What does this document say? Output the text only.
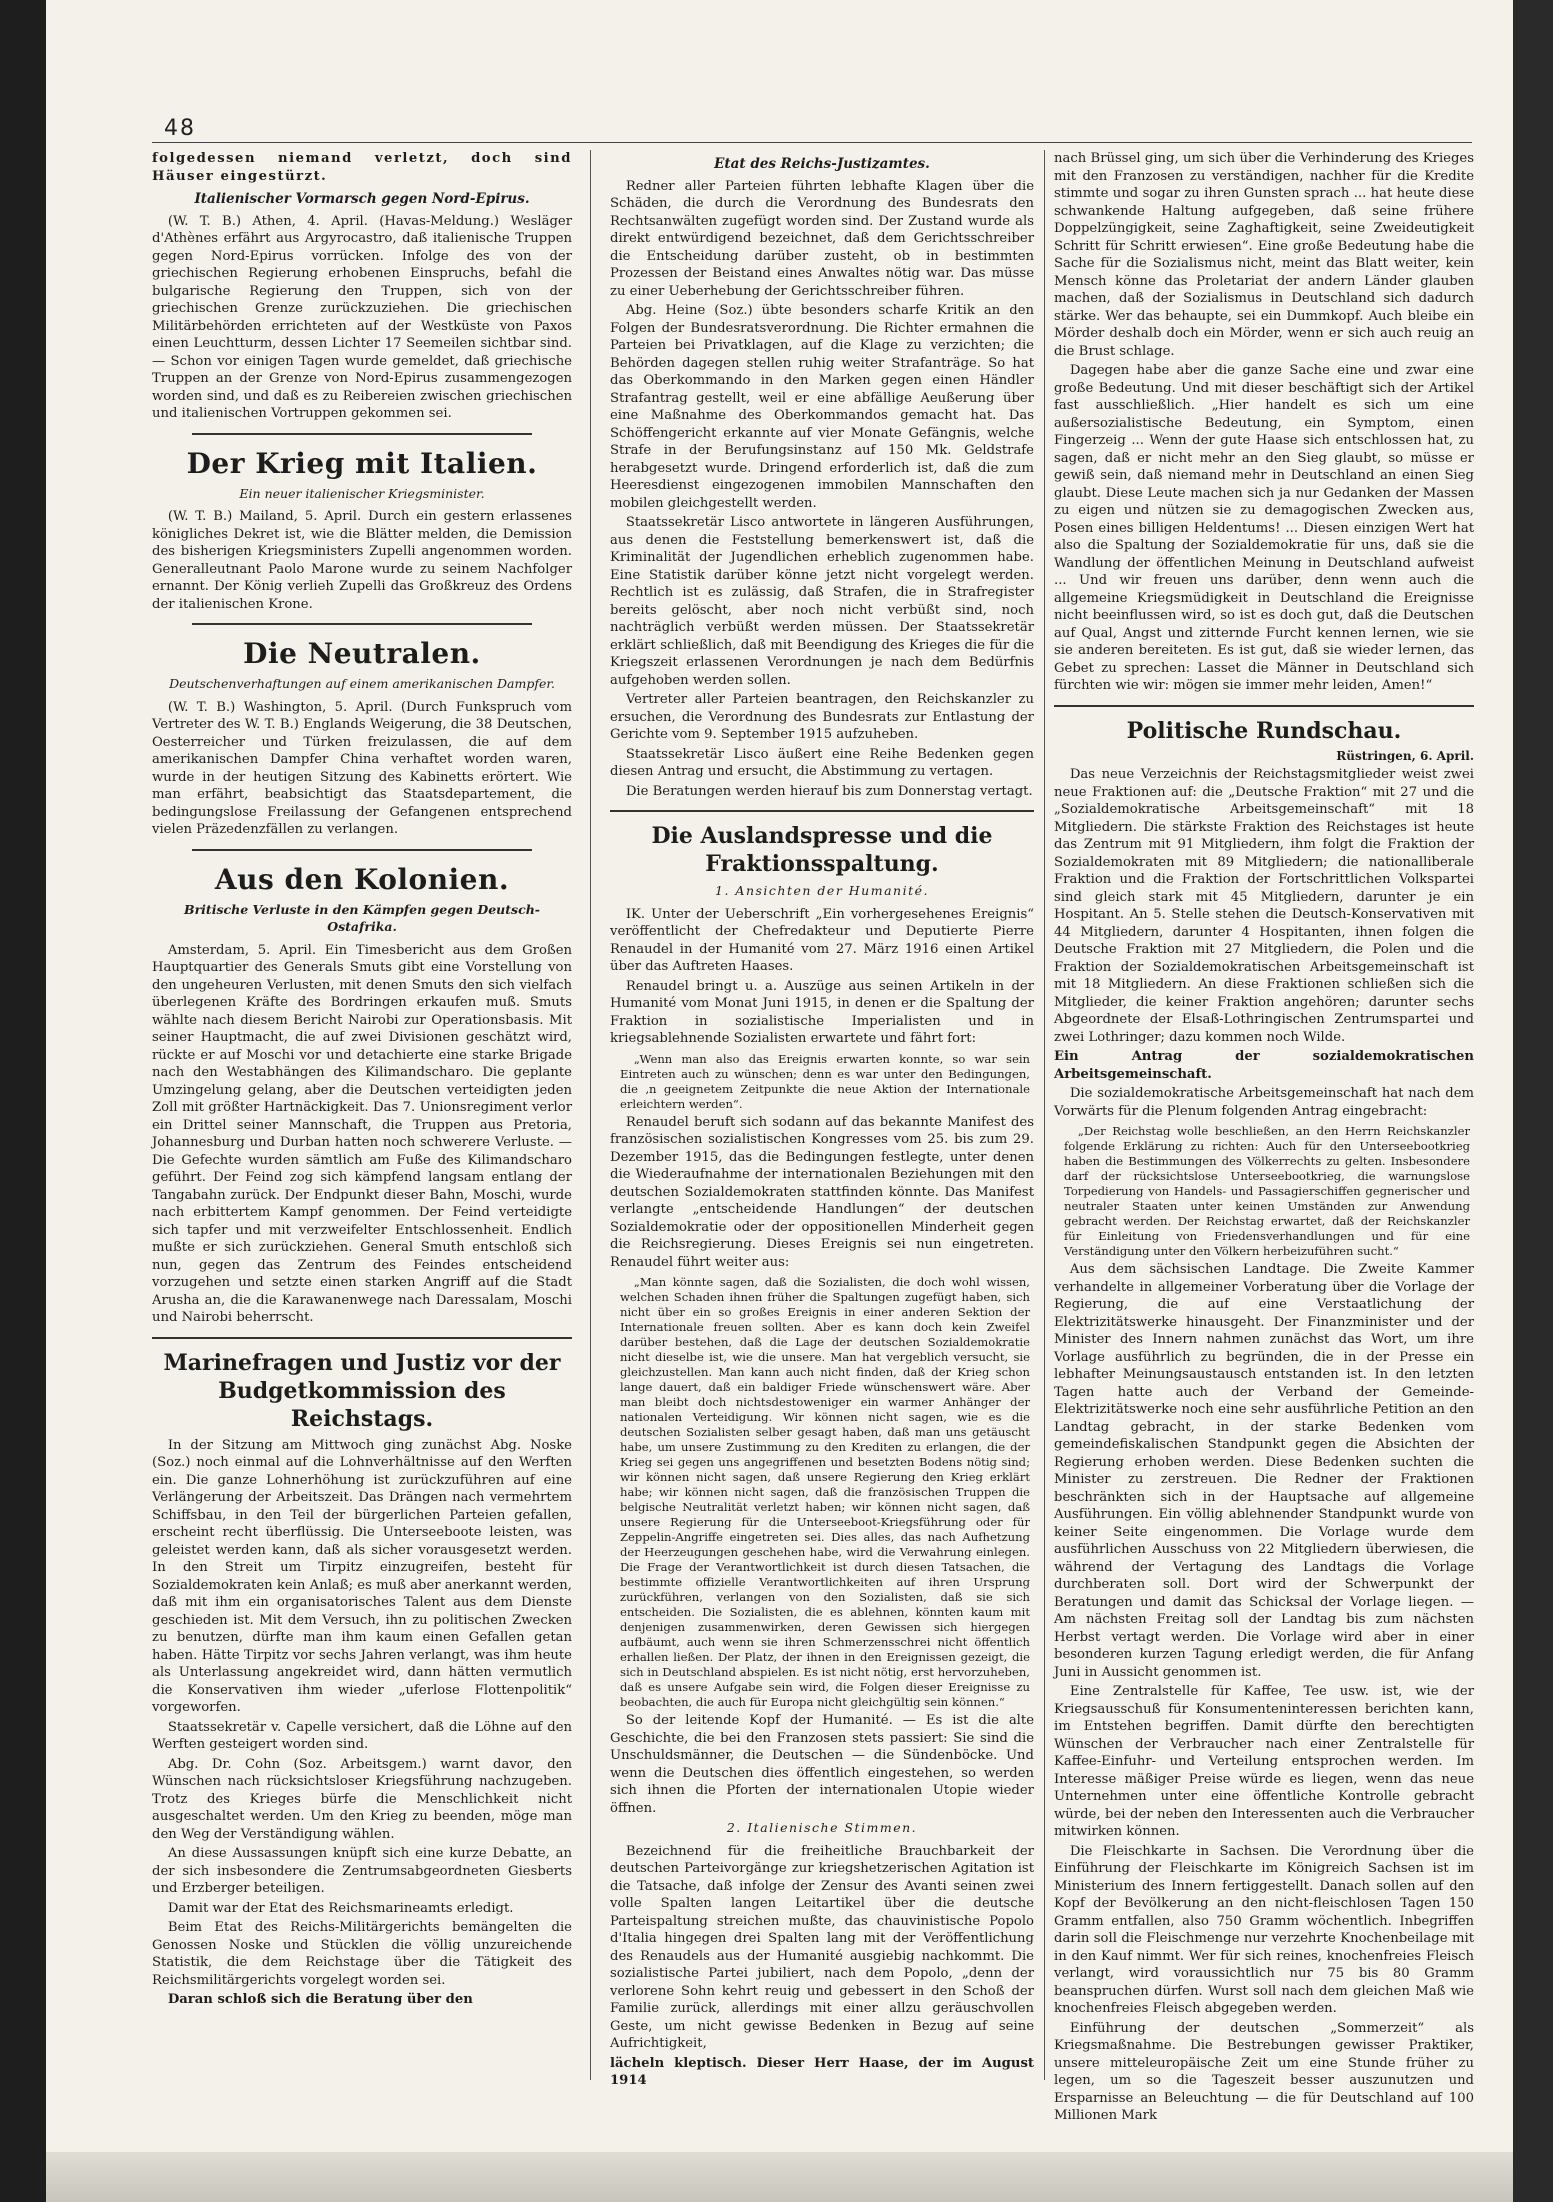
48

folgedessen niemand verletzt, doch sind Häuser eingestürzt.

Italienischer Vormarsch gegen Nord-Epirus.

(W. T. B.) Athen, 4. April. (Havas-Meldung.) Wesläger d'Athènes erfährt aus Argyrocastro, daß italienische Truppen gegen Nord-Epirus vorrücken. Infolge des von der griechischen Regierung erhobenen Einspruchs, befahl die bulgarische Regierung den Truppen, sich von der griechischen Grenze zurückzuziehen. Die griechischen Militärbehörden errichteten auf der Westküste von Paxos einen Leuchtturm, dessen Lichter 17 Seemeilen sichtbar sind. — Schon vor einigen Tagen wurde gemeldet, daß griechische Truppen an der Grenze von Nord-Epirus zusammengezogen worden sind, und daß es zu Reibereien zwischen griechischen und italienischen Vortruppen gekommen sei.

Der Krieg mit Italien.
Ein neuer italienischer Kriegsminister.

(W. T. B.) Mailand, 5. April. Durch ein gestern erlassenes königliches Dekret ist, wie die Blätter melden, die Demission des bisherigen Kriegsministers Zupelli angenommen worden. Generalleutnant Paolo Marone wurde zu seinem Nachfolger ernannt. Der König verlieh Zupelli das Großkreuz des Ordens der italienischen Krone.

Die Neutralen.
Deutschenverhaftungen auf einem amerikanischen Dampfer.

(W. T. B.) Washington, 5. April. (Durch Funkspruch vom Vertreter des W. T. B.) Englands Weigerung, die 38 Deutschen, Oesterreicher und Türken freizulassen, die auf dem amerikanischen Dampfer China verhaftet worden waren, wurde in der heutigen Sitzung des Kabinetts erörtert. Wie man erfährt, beabsichtigt das Staatsdepartement, die bedingungslose Freilassung der Gefangenen entsprechend vielen Präzedenzfällen zu verlangen.

Aus den Kolonien.
Britische Verluste in den Kämpfen gegen Deutsch-Ostafrika.

Amsterdam, 5. April. Ein Timesbericht aus dem Großen Hauptquartier des Generals Smuts gibt eine Vorstellung von den ungeheuren Verlusten, mit denen Smuts den sich vielfach überlegenen Kräfte des Bordringen erkaufen muß. Smuts wählte nach diesem Bericht Nairobi zur Operationsbasis. Mit seiner Hauptmacht, die auf zwei Divisionen geschätzt wird, rückte er auf Moschi vor und detachierte eine starke Brigade nach den Westabhängen des Kilimandscharo. Die geplante Umzingelung gelang, aber die Deutschen verteidigten jeden Zoll mit größter Hartnäckigkeit. Das 7. Unionsregiment verlor ein Drittel seiner Mannschaft, die Truppen aus Pretoria, Johannesburg und Durban hatten noch schwerere Verluste. — Die Gefechte wurden sämtlich am Fuße des Kilimandscharo geführt. Der Feind zog sich kämpfend langsam entlang der Tangabahn zurück. Der Endpunkt dieser Bahn, Moschi, wurde nach erbittertem Kampf genommen. Der Feind verteidigte sich tapfer und mit verzweifelter Entschlossenheit. Endlich mußte er sich zurückziehen. General Smuth entschloß sich nun, gegen das Zentrum des Feindes entscheidend vorzugehen und setzte einen starken Angriff auf die Stadt Arusha an, die die Karawanenwege nach Daressalam, Moschi und Nairobi beherrscht.

Marinefragen und Justiz vor der Budgetkommission des Reichstags.

In der Sitzung am Mittwoch ging zunächst Abg. Noske (Soz.) noch einmal auf die Lohnverhältnisse auf den Werften ein. Die ganze Lohnerhöhung ist zurückzuführen auf eine Verlängerung der Arbeitszeit. Das Drängen nach vermehrtem Schiffsbau, in den Teil der bürgerlichen Parteien gefallen, erscheint recht überflüssig. Die Unterseeboote leisten, was geleistet werden kann, daß als sicher vorausgesetzt werden. In den Streit um Tirpitz einzugreifen, besteht für Sozialdemokraten kein Anlaß; es muß aber anerkannt werden, daß mit ihm ein organisatorisches Talent aus dem Dienste geschieden ist. Mit dem Versuch, ihn zu politischen Zwecken zu benutzen, dürfte man ihm kaum einen Gefallen getan haben. Hätte Tirpitz vor sechs Jahren verlangt, was ihm heute als Unterlassung angekreidet wird, dann hätten vermutlich die Konservativen ihm wieder „uferlose Flottenpolitik“ vorgeworfen.

Staatssekretär v. Capelle versichert, daß die Löhne auf den Werften gesteigert worden sind.

Abg. Dr. Cohn (Soz. Arbeitsgem.) warnt davor, den Wünschen nach rücksichtsloser Kriegsführung nachzugeben. Trotz des Krieges bürfe die Menschlichkeit nicht ausgeschaltet werden. Um den Krieg zu beenden, möge man den Weg der Verständigung wählen.

An diese Aussassungen knüpft sich eine kurze Debatte, an der sich insbesondere die Zentrumsabgeordneten Giesberts und Erzberger beteiligen.

Damit war der Etat des Reichsmarineamts erledigt.

Beim Etat des Reichs-Militärgerichts bemängelten die Genossen Noske und Stücklen die völlig unzureichende Statistik, die dem Reichstage über die Tätigkeit des Reichsmilitärgerichts vorgelegt worden sei.

Daran schloß sich die Beratung über den

Etat des Reichs-Justizamtes.

Redner aller Parteien führten lebhafte Klagen über die Schäden, die durch die Verordnung des Bundesrats den Rechtsanwälten zugefügt worden sind. Der Zustand wurde als direkt entwürdigend bezeichnet, daß dem Gerichtsschreiber die Entscheidung darüber zusteht, ob in bestimmten Prozessen der Beistand eines Anwaltes nötig war. Das müsse zu einer Ueberhebung der Gerichtsschreiber führen.

Abg. Heine (Soz.) übte besonders scharfe Kritik an den Folgen der Bundesratsverordnung. Die Richter ermahnen die Parteien bei Privatklagen, auf die Klage zu verzichten; die Behörden dagegen stellen ruhig weiter Strafanträge. So hat das Oberkommando in den Marken gegen einen Händler Strafantrag gestellt, weil er eine abfällige Aeußerung über eine Maßnahme des Oberkommandos gemacht hat. Das Schöffengericht erkannte auf vier Monate Gefängnis, welche Strafe in der Berufungsinstanz auf 150 Mk. Geldstrafe herabgesetzt wurde. Dringend erforderlich ist, daß die zum Heeresdienst eingezogenen immobilen Mannschaften den mobilen gleichgestellt werden.

Staatssekretär Lisco antwortete in längeren Ausführungen, aus denen die Feststellung bemerkenswert ist, daß die Kriminalität der Jugendlichen erheblich zugenommen habe. Eine Statistik darüber könne jetzt nicht vorgelegt werden. Rechtlich ist es zulässig, daß Strafen, die in Strafregister bereits gelöscht, aber noch nicht verbüßt sind, noch nachträglich verbüßt werden müssen. Der Staatssekretär erklärt schließlich, daß mit Beendigung des Krieges die für die Kriegszeit erlassenen Verordnungen je nach dem Bedürfnis aufgehoben werden sollen.

Vertreter aller Parteien beantragen, den Reichskanzler zu ersuchen, die Verordnung des Bundesrats zur Entlastung der Gerichte vom 9. September 1915 aufzuheben.

Staatssekretär Lisco äußert eine Reihe Bedenken gegen diesen Antrag und ersucht, die Abstimmung zu vertagen.

Die Beratungen werden hierauf bis zum Donnerstag vertagt.

Die Auslandspresse und die Fraktionsspaltung.
1. Ansichten der Humanité.

IK. Unter der Ueberschrift „Ein vorhergesehenes Ereignis“ veröffentlicht der Chefredakteur und Deputierte Pierre Renaudel in der Humanité vom 27. März 1916 einen Artikel über das Auftreten Haases.

Renaudel bringt u. a. Auszüge aus seinen Artikeln in der Humanité vom Monat Juni 1915, in denen er die Spaltung der Fraktion in sozialistische Imperialisten und in kriegsablehnende Sozialisten erwartete und fährt fort:

„Wenn man also das Ereignis erwarten konnte, so war sein Eintreten auch zu wünschen; denn es war unter den Bedingungen, die ‚n geeignetem Zeitpunkte die neue Aktion der Internationale erleichtern werden“.

Renaudel beruft sich sodann auf das bekannte Manifest des französischen sozialistischen Kongresses vom 25. bis zum 29. Dezember 1915, das die Bedingungen festlegte, unter denen die Wiederaufnahme der internationalen Beziehungen mit den deutschen Sozialdemokraten stattfinden könnte. Das Manifest verlangte „entscheidende Handlungen“ der deutschen Sozialdemokratie oder der oppositionellen Minderheit gegen die Reichsregierung. Dieses Ereignis sei nun eingetreten. Renaudel führt weiter aus:

„Man könnte sagen, daß die Sozialisten, die doch wohl wissen, welchen Schaden ihnen früher die Spaltungen zugefügt haben, sich nicht über ein so großes Ereignis in einer anderen Sektion der Internationale freuen sollten. Aber es kann doch kein Zweifel darüber bestehen, daß die Lage der deutschen Sozialdemokratie nicht dieselbe ist, wie die unsere. Man hat vergeblich versucht, sie gleichzustellen. Man kann auch nicht finden, daß der Krieg schon lange dauert, daß ein baldiger Friede wünschenswert wäre. Aber man bleibt doch nichtsdestoweniger ein warmer Anhänger der nationalen Verteidigung. Wir können nicht sagen, wie es die deutschen Sozialisten selber gesagt haben, daß man uns getäuscht habe, um unsere Zustimmung zu den Krediten zu erlangen, die der Krieg sei gegen uns angegriffenen und besetzten Bodens nötig sind; wir können nicht sagen, daß unsere Regierung den Krieg erklärt habe; wir können nicht sagen, daß die französischen Truppen die belgische Neutralität verletzt haben; wir können nicht sagen, daß unsere Regierung für die Unterseeboot-Kriegsführung oder für Zeppelin-Angriffe eingetreten sei. Dies alles, das nach Aufhetzung der Heerzeugungen geschehen habe, wird die Verwahrung einlegen. Die Frage der Verantwortlichkeit ist durch diesen Tatsachen, die bestimmte offizielle Verantwortlichkeiten auf ihren Ursprung zurückführen, verlangen von den Sozialisten, daß sie sich entscheiden. Die Sozialisten, die es ablehnen, könnten kaum mit denjenigen zusammenwirken, deren Gewissen sich hiergegen aufbäumt, auch wenn sie ihren Schmerzensschrei nicht öffentlich erhallen ließen. Der Platz, der ihnen in den Ereignissen gezeigt, die sich in Deutschland abspielen. Es ist nicht nötig, erst hervorzuheben, daß es unsere Aufgabe sein wird, die Folgen dieser Ereignisse zu beobachten, die auch für Europa nicht gleichgültig sein können.“

So der leitende Kopf der Humanité. — Es ist die alte Geschichte, die bei den Franzosen stets passiert: Sie sind die Unschuldsmänner, die Deutschen — die Sündenböcke. Und wenn die Deutschen dies öffentlich eingestehen, so werden sich ihnen die Pforten der internationalen Utopie wieder öffnen.

2. Italienische Stimmen.

Bezeichnend für die freiheitliche Brauchbarkeit der deutschen Parteivorgänge zur kriegshetzerischen Agitation ist die Tatsache, daß infolge der Zensur des Avanti seinen zwei volle Spalten langen Leitartikel über die deutsche Parteispaltung streichen mußte, das chauvinistische Popolo d'Italia hingegen drei Spalten lang mit der Veröffentlichung des Renaudels aus der Humanité ausgiebig nachkommt. Die sozialistische Partei jubiliert, nach dem Popolo, „denn der verlorene Sohn kehrt reuig und gebessert in den Schoß der Familie zurück, allerdings mit einer allzu geräuschvollen Geste, um nicht gewisse Bedenken in Bezug auf seine Aufrichtigkeit,

lächeln kleptisch. Dieser Herr Haase, der im August 1914

nach Brüssel ging, um sich über die Verhinderung des Krieges mit den Franzosen zu verständigen, nachher für die Kredite stimmte und sogar zu ihren Gunsten sprach ... hat heute diese schwankende Haltung aufgegeben, daß seine frühere Doppelzüngigkeit, seine Zaghaftigkeit, seine Zweideutigkeit Schritt für Schritt erwiesen“. Eine große Bedeutung habe die Sache für die Sozialismus nicht, meint das Blatt weiter, kein Mensch könne das Proletariat der andern Länder glauben machen, daß der Sozialismus in Deutschland sich dadurch stärke. Wer das behaupte, sei ein Dummkopf. Auch bleibe ein Mörder deshalb doch ein Mörder, wenn er sich auch reuig an die Brust schlage.

Dagegen habe aber die ganze Sache eine und zwar eine große Bedeutung. Und mit dieser beschäftigt sich der Artikel fast ausschließlich. „Hier handelt es sich um eine außersozialistische Bedeutung, ein Symptom, einen Fingerzeig ... Wenn der gute Haase sich entschlossen hat, zu sagen, daß er nicht mehr an den Sieg glaubt, so müsse er gewiß sein, daß niemand mehr in Deutschland an einen Sieg glaubt. Diese Leute machen sich ja nur Gedanken der Massen zu eigen und nützen sie zu demagogischen Zwecken aus, Posen eines billigen Heldentums! ... Diesen einzigen Wert hat also die Spaltung der Sozialdemokratie für uns, daß sie die Wandlung der öffentlichen Meinung in Deutschland aufweist ... Und wir freuen uns darüber, denn wenn auch die allgemeine Kriegsmüdigkeit in Deutschland die Ereignisse nicht beeinflussen wird, so ist es doch gut, daß die Deutschen auf Qual, Angst und zitternde Furcht kennen lernen, wie sie sie anderen bereiteten. Es ist gut, daß sie wieder lernen, das Gebet zu sprechen: Lasset die Männer in Deutschland sich fürchten wie wir: mögen sie immer mehr leiden, Amen!“

Politische Rundschau.

Rüstringen, 6. April.

Das neue Verzeichnis der Reichstagsmitglieder weist zwei neue Fraktionen auf: die „Deutsche Fraktion“ mit 27 und die „Sozialdemokratische Arbeitsgemeinschaft“ mit 18 Mitgliedern. Die stärkste Fraktion des Reichstages ist heute das Zentrum mit 91 Mitgliedern, ihm folgt die Fraktion der Sozialdemokraten mit 89 Mitgliedern; die nationalliberale Fraktion und die Fraktion der Fortschrittlichen Volkspartei sind gleich stark mit 45 Mitgliedern, darunter je ein Hospitant. An 5. Stelle stehen die Deutsch-Konservativen mit 44 Mitgliedern, darunter 4 Hospitanten, ihnen folgen die Deutsche Fraktion mit 27 Mitgliedern, die Polen und die Fraktion der Sozialdemokratischen Arbeitsgemeinschaft ist mit 18 Mitgliedern. An diese Fraktionen schließen sich die Mitglieder, die keiner Fraktion angehören; darunter sechs Abgeordnete der Elsaß-Lothringischen Zentrumspartei und zwei Lothringer; dazu kommen noch Wilde.

Ein Antrag der sozialdemokratischen Arbeitsgemeinschaft.

Die sozialdemokratische Arbeitsgemeinschaft hat nach dem Vorwärts für die Plenum folgenden Antrag eingebracht:

„Der Reichstag wolle beschließen, an den Herrn Reichskanzler folgende Erklärung zu richten: Auch für den Unterseebootkrieg haben die Bestimmungen des Völkerrechts zu gelten. Insbesondere darf der rücksichtslose Unterseebootkrieg, die warnungslose Torpedierung von Handels- und Passagierschiffen gegnerischer und neutraler Staaten unter keinen Umständen zur Anwendung gebracht werden. Der Reichstag erwartet, daß der Reichskanzler für Einleitung von Friedensverhandlungen und für eine Verständigung unter den Völkern herbeizuführen sucht.“

Aus dem sächsischen Landtage. Die Zweite Kammer verhandelte in allgemeiner Vorberatung über die Vorlage der Regierung, die auf eine Verstaatlichung der Elektrizitätswerke hinausgeht. Der Finanzminister und der Minister des Innern nahmen zunächst das Wort, um ihre Vorlage ausführlich zu begründen, die in der Presse ein lebhafter Meinungsaustausch entstanden ist. In den letzten Tagen hatte auch der Verband der Gemeinde-Elektrizitätswerke noch eine sehr ausführliche Petition an den Landtag gebracht, in der starke Bedenken vom gemeindefiskalischen Standpunkt gegen die Absichten der Regierung erhoben werden. Diese Bedenken suchten die Minister zu zerstreuen. Die Redner der Fraktionen beschränkten sich in der Hauptsache auf allgemeine Ausführungen. Ein völlig ablehnender Standpunkt wurde von keiner Seite eingenommen. Die Vorlage wurde dem ausführlichen Ausschuss von 22 Mitgliedern überwiesen, die während der Vertagung des Landtags die Vorlage durchberaten soll. Dort wird der Schwerpunkt der Beratungen und damit das Schicksal der Vorlage liegen. — Am nächsten Freitag soll der Landtag bis zum nächsten Herbst vertagt werden. Die Vorlage wird aber in einer besonderen kurzen Tagung erledigt werden, die für Anfang Juni in Aussicht genommen ist.

Eine Zentralstelle für Kaffee, Tee usw. ist, wie der Kriegsausschuß für Konsumenteninteressen berichten kann, im Entstehen begriffen. Damit dürfte den berechtigten Wünschen der Verbraucher nach einer Zentralstelle für Kaffee-Einfuhr- und Verteilung entsprochen werden. Im Interesse mäßiger Preise würde es liegen, wenn das neue Unternehmen unter eine öffentliche Kontrolle gebracht würde, bei der neben den Interessenten auch die Verbraucher mitwirken können.

Die Fleischkarte in Sachsen. Die Verordnung über die Einführung der Fleischkarte im Königreich Sachsen ist im Ministerium des Innern fertiggestellt. Danach sollen auf den Kopf der Bevölkerung an den nicht-fleischlosen Tagen 150 Gramm entfallen, also 750 Gramm wöchentlich. Inbegriffen darin soll die Fleischmenge nur verzehrte Knochenbeilage mit in den Kauf nimmt. Wer für sich reines, knochenfreies Fleisch verlangt, wird voraussichtlich nur 75 bis 80 Gramm beanspruchen dürfen. Wurst soll nach dem gleichen Maß wie knochenfreies Fleisch abgegeben werden.

Einführung der deutschen „Sommerzeit“ als Kriegsmaßnahme. Die Bestrebungen gewisser Praktiker, unsere mitteleuropäische Zeit um eine Stunde früher zu legen, um so die Tageszeit besser auszunutzen und Ersparnisse an Beleuchtung — die für Deutschland auf 100 Millionen Mark
